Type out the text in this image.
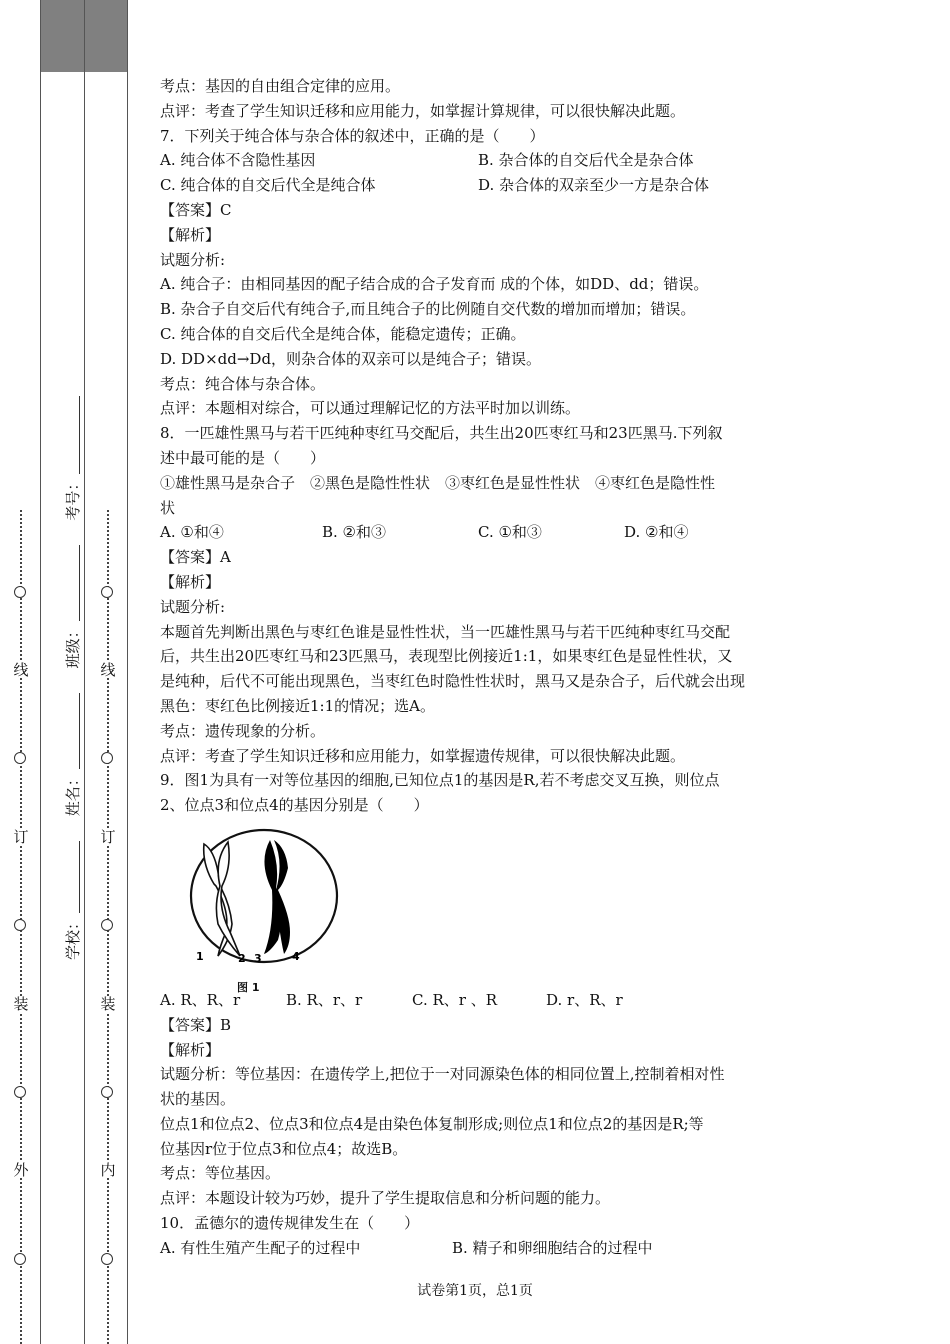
外
装
订
线
内
装
订
线
学校： 姓名： 班级： 考号：

考点：基因的自由组合定律的应用。

点评：考查了学生知识迁移和应用能力，如掌握计算规律，可以很快解决此题。

7．下列关于纯合体与杂合体的叙述中，正确的是（　　）

A. 纯合体不含隐性基因	B. 杂合体的自交后代全是杂合体
C. 纯合体的自交后代全是纯合体	D. 杂合体的双亲至少一方是杂合体

【答案】C

【解析】

试题分析:

A. 纯合子：由相同基因的配子结合成的合子发育而 成的个体，如DD、dd；错误。

B. 杂合子自交后代有纯合子,而且纯合子的比例随自交代数的增加而增加；错误。

C. 纯合体的自交后代全是纯合体，能稳定遗传；正确。

D. DD×dd→Dd，则杂合体的双亲可以是纯合子；错误。

考点：纯合体与杂合体。

点评：本题相对综合，可以通过理解记忆的方法平时加以训练。

8．一匹雄性黑马与若干匹纯种枣红马交配后，共生出20匹枣红马和23匹黑马.下列叙

述中最可能的是（　　）

①雄性黑马是杂合子　②黑色是隐性性状　③枣红色是显性性状　④枣红色是隐性性

状

A. ①和④	B. ②和③	C. ①和③	D. ②和④

【答案】A

【解析】

试题分析:

本题首先判断出黑色与枣红色谁是显性性状，当一匹雄性黑马与若干匹纯种枣红马交配

后，共生出20匹枣红马和23匹黑马，表现型比例接近1:1，如果枣红色是显性性状，又

是纯种，后代不可能出现黑色，当枣红色时隐性性状时，黑马又是杂合子，后代就会出现

黑色：枣红色比例接近1:1的情况；选A。

考点：遗传现象的分析。

点评：考查了学生知识迁移和应用能力，如掌握遗传规律，可以很快解决此题。

9．图1为具有一对等位基因的细胞,已知位点1的基因是R,若不考虑交叉互换，则位点

2、位点3和位点4的基因分别是（　　）

1	2 3	4
图 1
A. R、R、r	B. R、r、r	C. R、r 、R	D. r、R、r

【答案】B

【解析】

试题分析：等位基因：在遗传学上,把位于一对同源染色体的相同位置上,控制着相对性

状的基因。

位点1和位点2、位点3和位点4是由染色体复制形成;则位点1和位点2的基因是R;等

位基因r位于位点3和位点4；故选B。

考点：等位基因。

点评：本题设计较为巧妙，提升了学生提取信息和分析问题的能力。

10．孟德尔的遗传规律发生在（　　）

A. 有性生殖产生配子的过程中	B. 精子和卵细胞结合的过程中
试卷第1页，总1页
